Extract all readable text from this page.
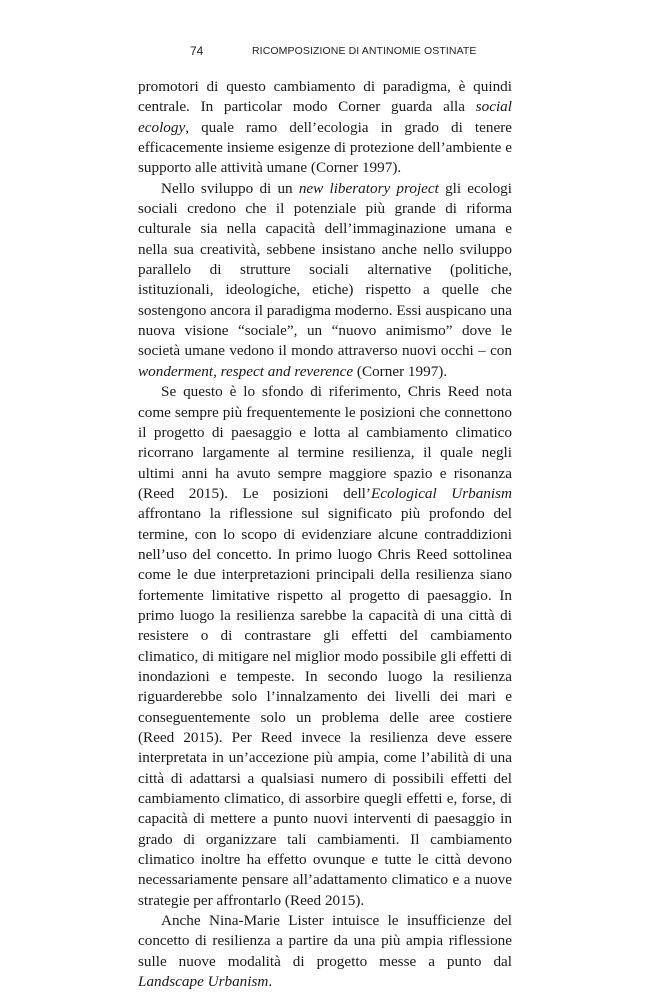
74	RICOMPOSIZIONE DI ANTINOMIE OSTINATE

promotori di questo cambiamento di paradigma, è quindi centrale. In particolar modo Corner guarda alla social ecology, quale ramo dell’ecologia in grado di tenere efficacemente insieme esigenze di protezione dell’ambiente e supporto alle attività umane (Corner 1997).

Nello sviluppo di un new liberatory project gli ecologi sociali credono che il potenziale più grande di riforma culturale sia nella capacità dell’immaginazione umana e nella sua creatività, sebbene insistano anche nello sviluppo parallelo di strutture sociali alternative (politiche, istituzionali, ideologiche, etiche) rispetto a quelle che sostengono ancora il paradigma moderno. Essi auspicano una nuova visione “sociale”, un “nuovo animismo” dove le società umane vedono il mondo attraverso nuovi occhi – con wonderment, respect and reverence (Corner 1997).

Se questo è lo sfondo di riferimento, Chris Reed nota come sempre più frequentemente le posizioni che connettono il progetto di paesaggio e lotta al cambiamento climatico ricorrano largamente al termine resilienza, il quale negli ultimi anni ha avuto sempre maggiore spazio e risonanza (Reed 2015). Le posizioni dell’Ecological Urbanism affrontano la riflessione sul significato più profondo del termine, con lo scopo di evidenziare alcune contraddizioni nell’uso del concetto. In primo luogo Chris Reed sottolinea come le due interpretazioni principali della resilienza siano fortemente limitative rispetto al progetto di paesaggio. In primo luogo la resilienza sarebbe la capacità di una città di resistere o di contrastare gli effetti del cambiamento climatico, di mitigare nel miglior modo possibile gli effetti di inondazioni e tempeste. In secondo luogo la resilienza riguarderebbe solo l’innalzamento dei livelli dei mari e conseguentemente solo un problema delle aree costiere (Reed 2015). Per Reed invece la resilienza deve essere interpretata in un’accezione più ampia, come l’abilità di una città di adattarsi a qualsiasi numero di possibili effetti del cambiamento climatico, di assorbire quegli effetti e, forse, di capacità di mettere a punto nuovi interventi di paesaggio in grado di organizzare tali cambiamenti. Il cambiamento climatico inoltre ha effetto ovunque e tutte le città devono necessariamente pensare all’adattamento climatico e a nuove strategie per affrontarlo (Reed 2015).

Anche Nina-Marie Lister intuisce le insufficienze del concetto di resilienza a partire da una più ampia riflessione sulle nuove modalità di progetto messe a punto dal Landscape Urbanism.
